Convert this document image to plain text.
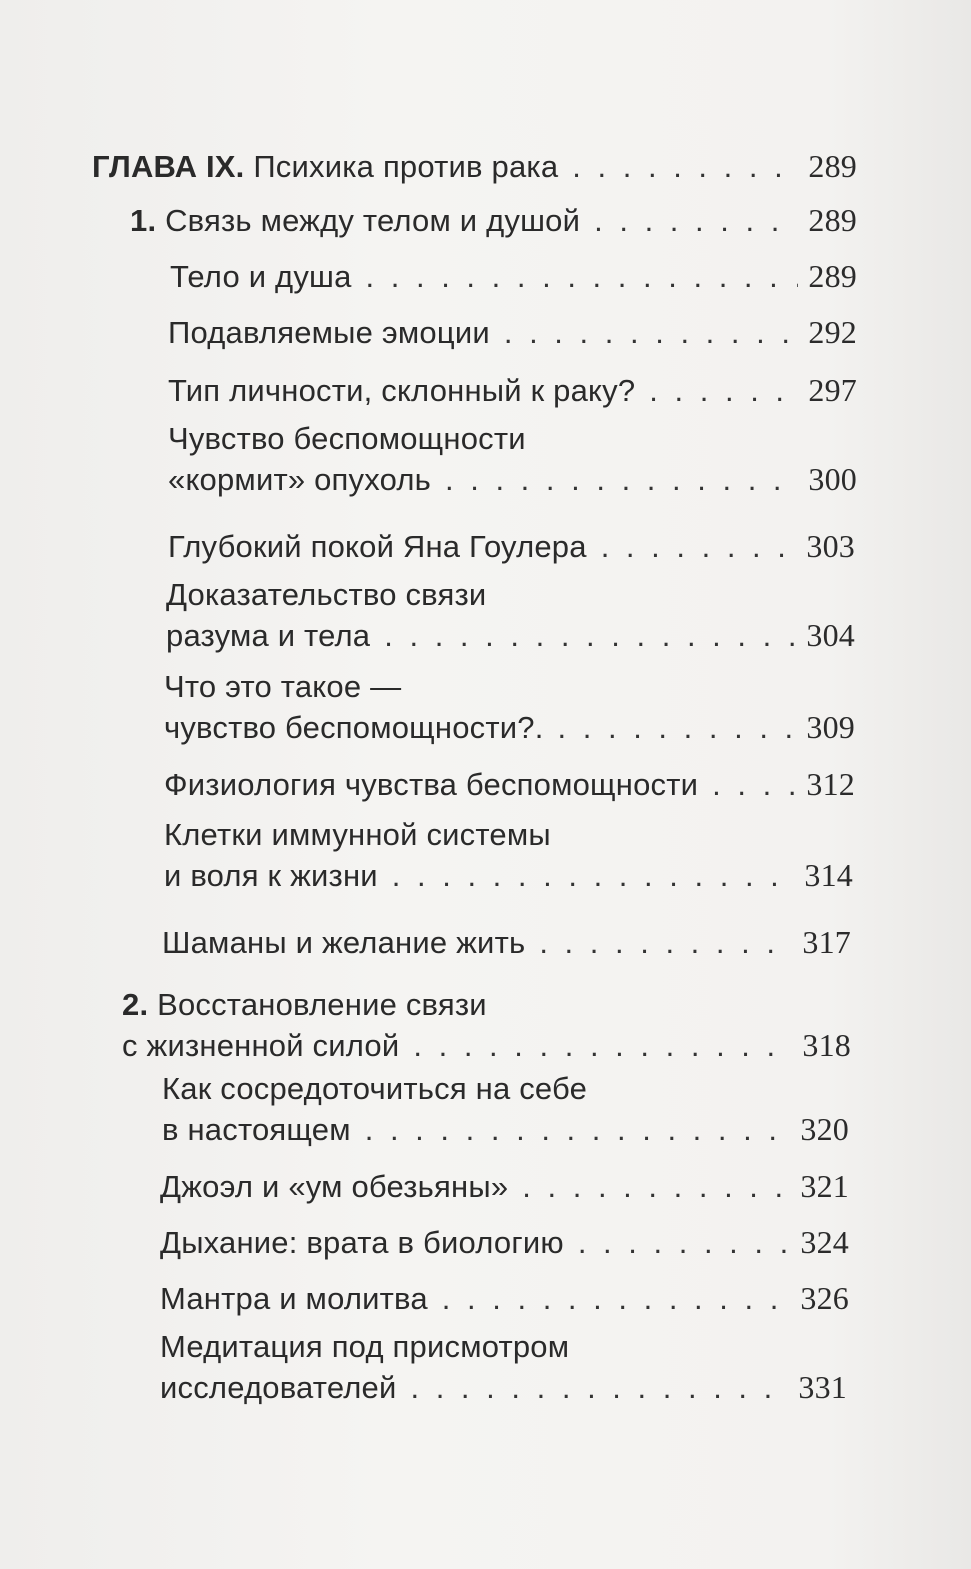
ГЛАВА IX. Психика против рака . . .	289
1. Связь между телом и душой . . .	289
Тело и душа . . .	289
Подавляемые эмоции . . .	292
Тип личности, склонный к раку? . . .	297
Чувство беспомощности
«кормит» опухоль . . .	300
Глубокий покой Яна Гоулера . . .	303
Доказательство связи
разума и тела . . .	304
Что это такое —
чувство беспомощности?. . . .	309
Физиология чувства беспомощности . . .	312
Клетки иммунной системы
и воля к жизни . . .	314
Шаманы и желание жить . . .	317
2. Восстановление связи
с жизненной силой . . .	318
Как сосредоточиться на себе
в настоящем . . .	320
Джоэл и «ум обезьяны» . . .	321
Дыхание: врата в биологию . . .	324
Мантра и молитва . . .	326
Медитация под присмотром
исследователей . . .	331
